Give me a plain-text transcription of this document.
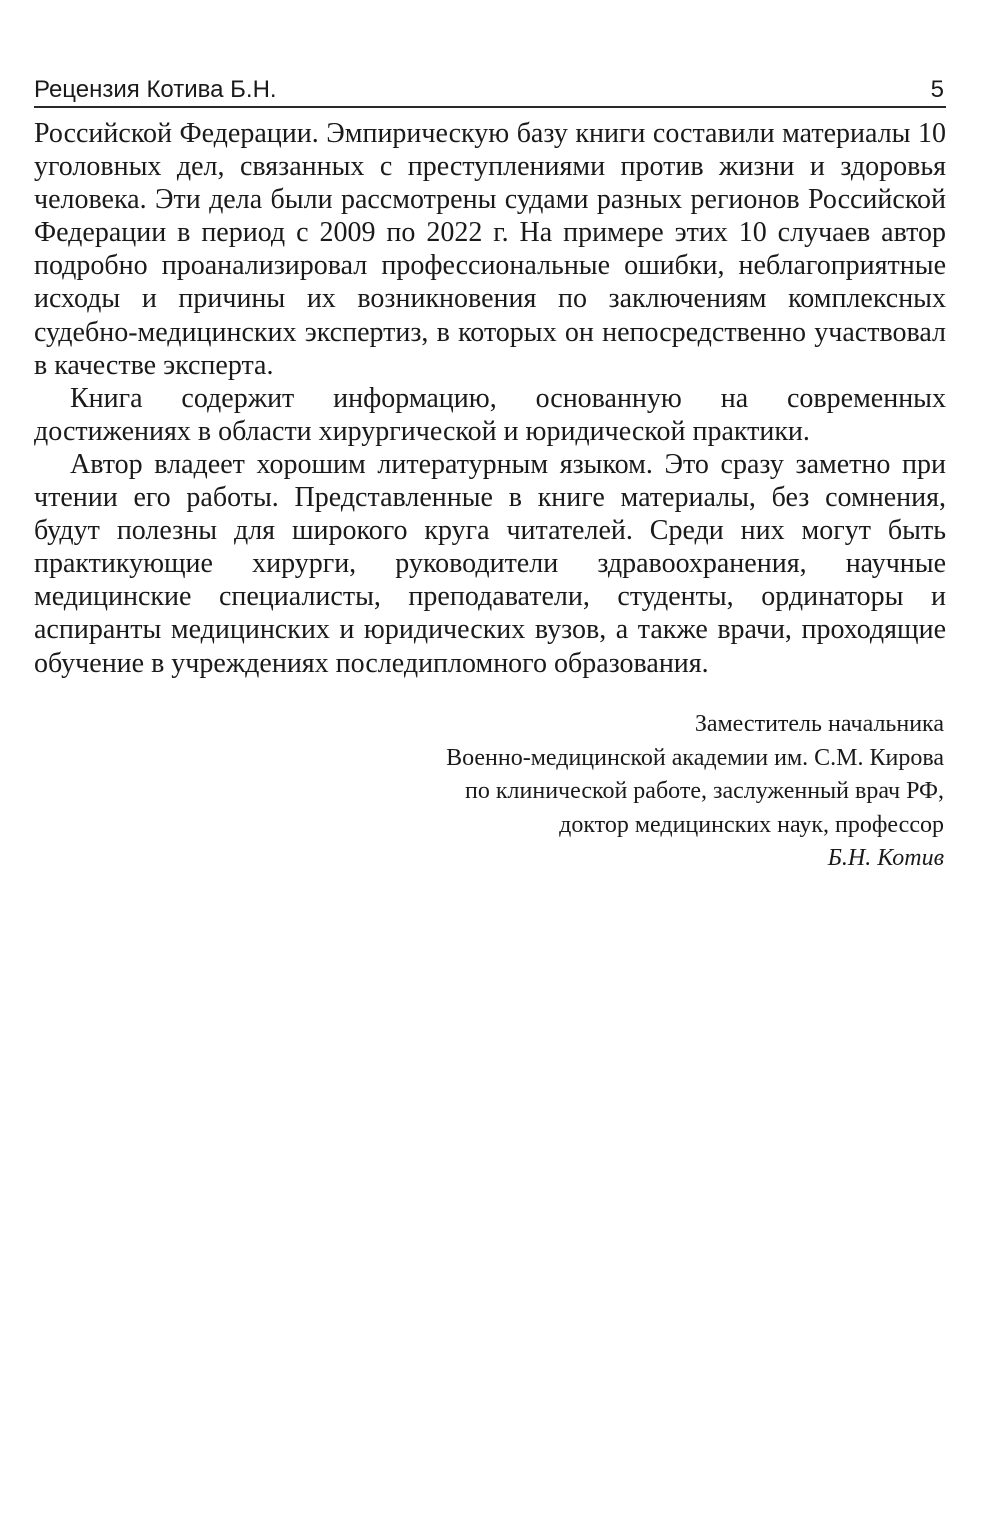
Рецензия Котива Б.Н.	5

Российской Федерации. Эмпирическую базу книги составили материалы 10 уголовных дел, связанных с преступлениями против жизни и здоровья человека. Эти дела были рассмотрены судами разных регионов Российской Федерации в период с 2009 по 2022 г. На примере этих 10 случаев автор подробно проанализировал профессиональные ошибки, неблагоприятные исходы и причины их возникновения по заключениям комплексных судебно-медицинских экспертиз, в которых он непосредственно участвовал в качестве эксперта.

Книга содержит информацию, основанную на современных достижениях в области хирургической и юридической практики.

Автор владеет хорошим литературным языком. Это сразу заметно при чтении его работы. Представленные в книге материалы, без сомнения, будут полезны для широкого круга читателей. Среди них могут быть практикующие хирурги, руководители здравоохранения, научные медицинские специалисты, преподаватели, студенты, ординаторы и аспиранты медицинских и юридических вузов, а также врачи, проходящие обучение в учреждениях последипломного образования.

Заместитель начальника
Военно-медицинской академии им. С.М. Кирова
по клинической работе, заслуженный врач РФ,
доктор медицинских наук, профессор
Б.Н. Котив
